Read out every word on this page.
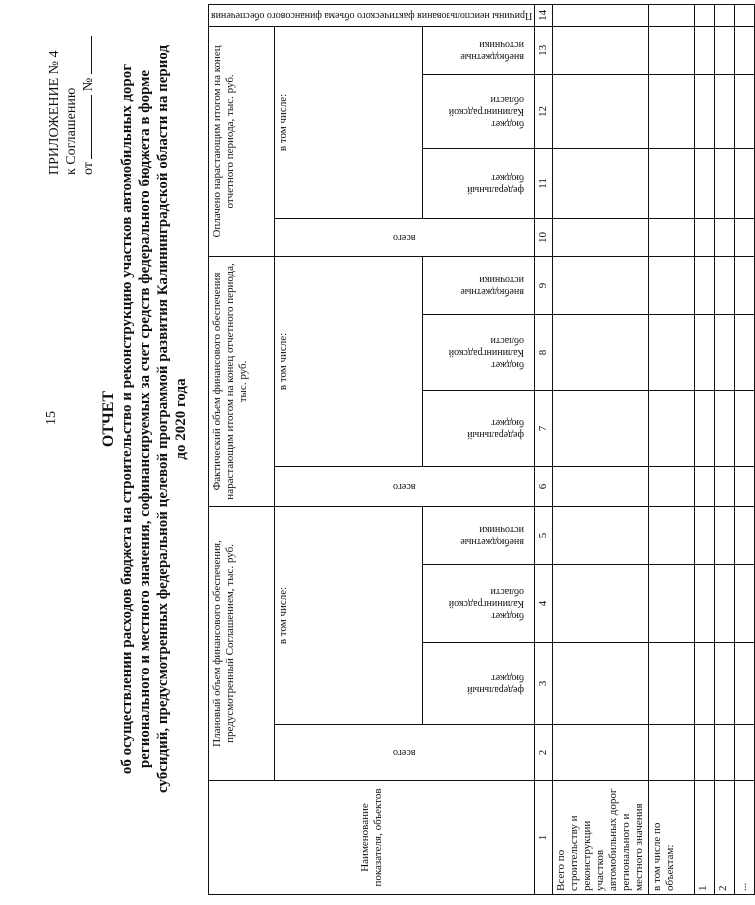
15
ПРИЛОЖЕНИЕ № 4 к Соглашению от  №
ОТЧЕТ об осуществлении расходов бюджета на строительство и реконструкцию участков автомобильных дорог регионального и местного значения, софинансируемых за счет средств федерального бюджета в форме субсидий, предусмотренных федеральной целевой программой развития Калининградской области на период до 2020 года
Наименование показателя, объектов	Плановый объем финансового обеспечения, предусмотренный Соглашением, тыс. руб.				Фактический объем финансового обеспечения нарастающим итогом на конец отчетного периода, тыс. руб.				Оплачено нарастающим итогом на конец отчетного периода, тыс. руб.				Причины неиспользования фактического объема финансового обеспечения

	всего	в том числе:			всего	в том числе:			всего	в том числе:			

		федеральный бюджет	бюджет Калининградской области	внебюджетные источники		федеральный бюджет	бюджет Калининградской области	внебюджетные источники		федеральный бюджет	бюджет Калининградской области	внебюджетные источники	

1	2	3	4	5	6	7	8	9	10	11	12	13	14
Всего по строительству и реконструкции участков автомобильных дорог регионального и местного значения													
в том числе по объектам:													
1													
2													
...													
